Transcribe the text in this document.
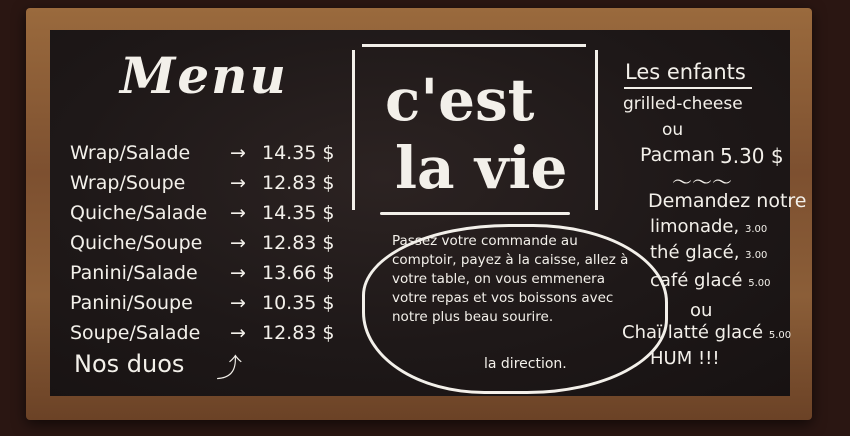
Menu
Wrap/Salade → 14.35 $
Wrap/Soupe → 12.83 $
Quiche/Salade → 14.35 $
Quiche/Soupe → 12.83 $
Panini/Salade → 13.66 $
Panini/Soupe → 10.35 $
Soupe/Salade → 12.83 $
Nos duos ⤴
c'est
la vie
Passez votre commande au comptoir, payez à la caisse, allez à votre table, on vous emmenera votre repas et vos boissons avec notre plus beau sourire.
la direction.
Les enfants
grilled-cheese
ou
Pacman 5.30 $
〜〜〜
Demandez notre
limonade, 3.00
thé glacé, 3.00
café glacé 5.00
ou
Chaï latté glacé 5.00
HUM !!!
